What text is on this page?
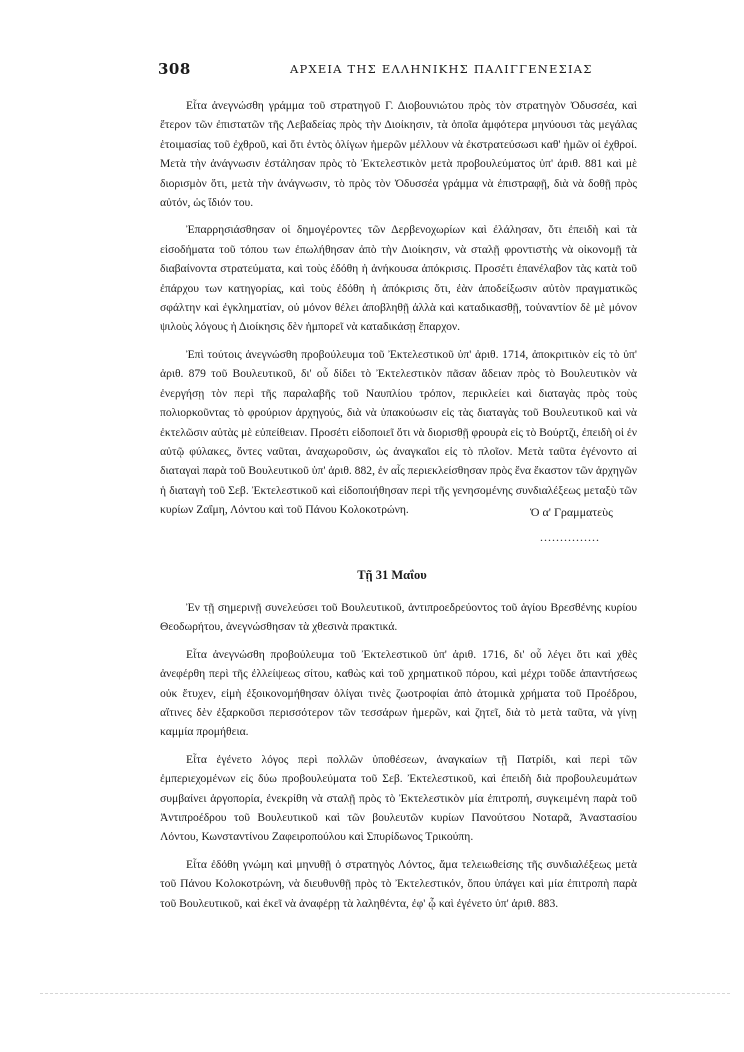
308	ΑΡΧΕΙΑ ΤΗΣ ΕΛΛΗΝΙΚΗΣ ΠΑΛΙΓΓΕΝΕΣΙΑΣ

Εἶτα ἀνεγνώσθη γράμμα τοῦ στρατηγοῦ Γ. Διοβουνιώτου πρὸς τὸν στρατηγὸν Ὀδυσσέα, καὶ ἕτερον τῶν ἐπιστατῶν τῆς Λεβαδείας πρὸς τὴν Διοίκησιν, τὰ ὁποῖα ἀμφότερα μηνύουσι τὰς μεγάλας ἑτοιμασίας τοῦ ἐχθροῦ, καὶ ὅτι ἐντὸς ὀλίγων ἡμερῶν μέλλουν νὰ ἐκστρατεύσωσι καθ' ἡμῶν οἱ ἐχθροί. Μετὰ τὴν ἀνάγνωσιν ἐστάλησαν πρὸς τὸ Ἐκτελεστικὸν μετὰ προβουλεύματος ὑπ' ἀριθ. 881 καὶ μὲ διορισμὸν ὅτι, μετὰ τὴν ἀνάγνωσιν, τὸ πρὸς τὸν Ὀδυσσέα γράμμα νὰ ἐπιστραφῇ, διὰ νὰ δοθῇ πρὸς αὐτόν, ὡς ἴδιόν του.

Ἐπαρρησιάσθησαν οἱ δημογέροντες τῶν Δερβενοχωρίων καὶ ἐλάλησαν, ὅτι ἐπειδὴ καὶ τὰ εἰσοδήματα τοῦ τόπου των ἐπωλήθησαν ἀπὸ τὴν Διοίκησιν, νὰ σταλῇ φροντιστὴς νὰ οἰκονομῇ τὰ διαβαίνοντα στρατεύματα, καὶ τοὺς ἐδόθη ἡ ἀνήκουσα ἀπόκρισις. Προσέτι ἐπανέλαβον τὰς κατὰ τοῦ ἐπάρχου των κατηγορίας, καὶ τοὺς ἐδόθη ἡ ἀπόκρισις ὅτι, ἐὰν ἀποδείξωσιν αὐτὸν πραγματικῶς σφάλτην καὶ ἐγκληματίαν, οὐ μόνον θέλει ἀποβληθῇ ἀλλὰ καὶ καταδικασθῇ, τοὐναντίον δὲ μὲ μόνον ψιλοὺς λόγους ἡ Διοίκησις δὲν ἠμπορεῖ νὰ καταδικάσῃ ἔπαρχον.

Ἐπὶ τούτοις ἀνεγνώσθη προβούλευμα τοῦ Ἐκτελεστικοῦ ὑπ' ἀριθ. 1714, ἀποκριτικὸν εἰς τὸ ὑπ' ἀριθ. 879 τοῦ Βουλευτικοῦ, δι' οὗ δίδει τὸ Ἐκτελεστικὸν πᾶσαν ἄδειαν πρὸς τὸ Βουλευτικὸν νὰ ἐνεργήσῃ τὸν περὶ τῆς παραλαβῆς τοῦ Ναυπλίου τρόπον, περικλείει καὶ διαταγὰς πρὸς τοὺς πολιορκοῦντας τὸ φρούριον ἀρχηγούς, διὰ νὰ ὑπακούωσιν εἰς τὰς διαταγὰς τοῦ Βουλευτικοῦ καὶ νὰ ἐκτελῶσιν αὐτὰς μὲ εὐπείθειαν. Προσέτι εἰδοποιεῖ ὅτι νὰ διορισθῇ φρουρὰ εἰς τὸ Βούρτζι, ἐπειδὴ οἱ ἐν αὐτῷ φύλακες, ὄντες ναῦται, ἀναχωροῦσιν, ὡς ἀναγκαῖοι εἰς τὸ πλοῖον. Μετὰ ταῦτα ἐγένοντο αἱ διαταγαὶ παρὰ τοῦ Βουλευτικοῦ ὑπ' ἀριθ. 882, ἐν αἷς περιεκλείσθησαν πρὸς ἕνα ἕκαστον τῶν ἀρχηγῶν ἡ διαταγὴ τοῦ Σεβ. Ἐκτελεστικοῦ καὶ εἰδοποιήθησαν περὶ τῆς γενησομένης συνδιαλέξεως μεταξὺ τῶν κυρίων Ζαΐμη, Λόντου καὶ τοῦ Πάνου Κολοκοτρώνη.	Ὁ α' Γραμματεὺς
...............
Τῇ 31 Μαΐου

Ἐν τῇ σημερινῇ συνελεύσει τοῦ Βουλευτικοῦ, ἀντιπροεδρεύοντος τοῦ ἁγίου Βρεσθένης κυρίου Θεοδωρήτου, ἀνεγνώσθησαν τὰ χθεσινὰ πρακτικά.

Εἶτα ἀνεγνώσθη προβούλευμα τοῦ Ἐκτελεστικοῦ ὑπ' ἀριθ. 1716, δι' οὗ λέγει ὅτι καὶ χθὲς ἀνεφέρθη περὶ τῆς ἐλλείψεως σίτου, καθὼς καὶ τοῦ χρηματικοῦ πόρου, καὶ μέχρι τοῦδε ἀπαντήσεως οὐκ ἔτυχεν, εἰμὴ ἐξοικονομήθησαν ὀλίγαι τινὲς ζωοτροφίαι ἀπὸ ἀτομικὰ χρήματα τοῦ Προέδρου, αἵτινες δὲν ἐξαρκοῦσι περισσότερον τῶν τεσσάρων ἡμερῶν, καὶ ζητεῖ, διὰ τὸ μετὰ ταῦτα, νὰ γίνῃ καμμία προμήθεια.

Εἶτα ἐγένετο λόγος περὶ πολλῶν ὑποθέσεων, ἀναγκαίων τῇ Πατρίδι, καὶ περὶ τῶν ἐμπεριεχομένων εἰς δύω προβουλεύματα τοῦ Σεβ. Ἐκτελεστικοῦ, καὶ ἐπειδὴ διὰ προβουλευμάτων συμβαίνει ἀργοπορία, ἐνεκρίθη νὰ σταλῇ πρὸς τὸ Ἐκτελεστικὸν μία ἐπιτροπή, συγκειμένη παρὰ τοῦ Ἀντιπροέδρου τοῦ Βουλευτικοῦ καὶ τῶν βουλευτῶν κυρίων Πανούτσου Νοταρᾶ, Ἀναστασίου Λόντου, Κωνσταντίνου Ζαφειροπούλου καὶ Σπυρίδωνος Τρικούπη.

Εἶτα ἐδόθη γνώμη καὶ μηνυθῇ ὁ στρατηγὸς Λόντος, ἅμα τελειωθείσης τῆς συνδιαλέξεως μετὰ τοῦ Πάνου Κολοκοτρώνη, νὰ διευθυνθῇ πρὸς τὸ Ἐκτελεστικόν, ὅπου ὑπάγει καὶ μία ἐπιτροπὴ παρὰ τοῦ Βουλευτικοῦ, καὶ ἐκεῖ νὰ ἀναφέρῃ τὰ λαληθέντα, ἐφ' ᾧ καὶ ἐγένετο ὑπ' ἀριθ. 883.
